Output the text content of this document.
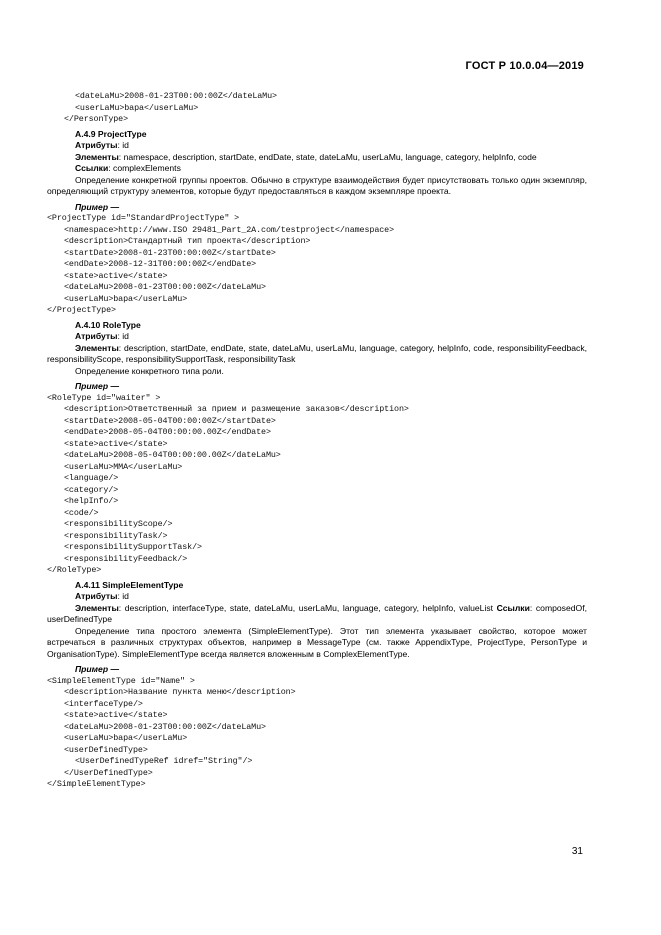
ГОСТ Р 10.0.04—2019
<dateLaMu>2008-01-23T00:00:00Z</dateLaMu>
<userLaMu>bapa</userLaMu>
</PersonType>
A.4.9 ProjectType
Атрибуты: id
Элементы: namespace, description, startDate, endDate, state, dateLaMu, userLaMu, language, category, helpInfo, code
Ссылки: complexElements
Определение конкретной группы проектов. Обычно в структуре взаимодействия будет присутствовать только один экземпляр, определяющий структуру элементов, которые будут предоставляться в каждом экземпляре проекта.
Пример —
<ProjectType id="StandardProjectType" >
<namespace>http://www.ISO 29481_Part_2A.com/testproject</namespace>
<description>Стандартный тип проекта</description>
<startDate>2008-01-23T00:00:00Z</startDate>
<endDate>2008-12-31T00:00:00Z</endDate>
<state>active</state>
<dateLaMu>2008-01-23T00:00:00Z</dateLaMu>
<userLaMu>bapa</userLaMu>
</ProjectType>
A.4.10 RoleType
Атрибуты: id
Элементы: description, startDate, endDate, state, dateLaMu, userLaMu, language, category, helpInfo, code, responsibilityFeedback, responsibilityScope, responsibilitySupportTask, responsibilityTask
Определение конкретного типа роли.
Пример —
<RoleType id="waiter" >
<description>Ответственный за прием и размещение заказов</description>
<startDate>2008-05-04T00:00:00Z</startDate>
<endDate>2008-05-04T00:00:00.00Z</endDate>
<state>active</state>
<dateLaMu>2008-05-04T00:00:00.00Z</dateLaMu>
<userLaMu>MMA</userLaMu>
<language/>
<category/>
<helpInfo/>
<code/>
<responsibilityScope/>
<responsibilityTask/>
<responsibilitySupportTask/>
<responsibilityFeedback/>
</RoleType>
A.4.11 SimpleElementType
Атрибуты: id
Элементы: description, interfaceType, state, dateLaMu, userLaMu, language, category, helpInfo, valueList Ссылки: composedOf, userDefinedType
Определение типа простого элемента (SimpleElementType). Этот тип элемента указывает свойство, которое может встречаться в различных структурах объектов, например в MessageType (см. также AppendixType, ProjectType, PersonType и OrganisationType). SimpleElementType всегда является вложенным в ComplexElementType.
Пример —
<SimpleElementType id="Name" >
<description>Название пункта меню</description>
<interfaceType/>
<state>active</state>
<dateLaMu>2008-01-23T00:00:00Z</dateLaMu>
<userLaMu>bapa</userLaMu>
<userDefinedType>
<UserDefinedTypeRef idref="String"/>
</UserDefinedType>
</SimpleElementType>
31
